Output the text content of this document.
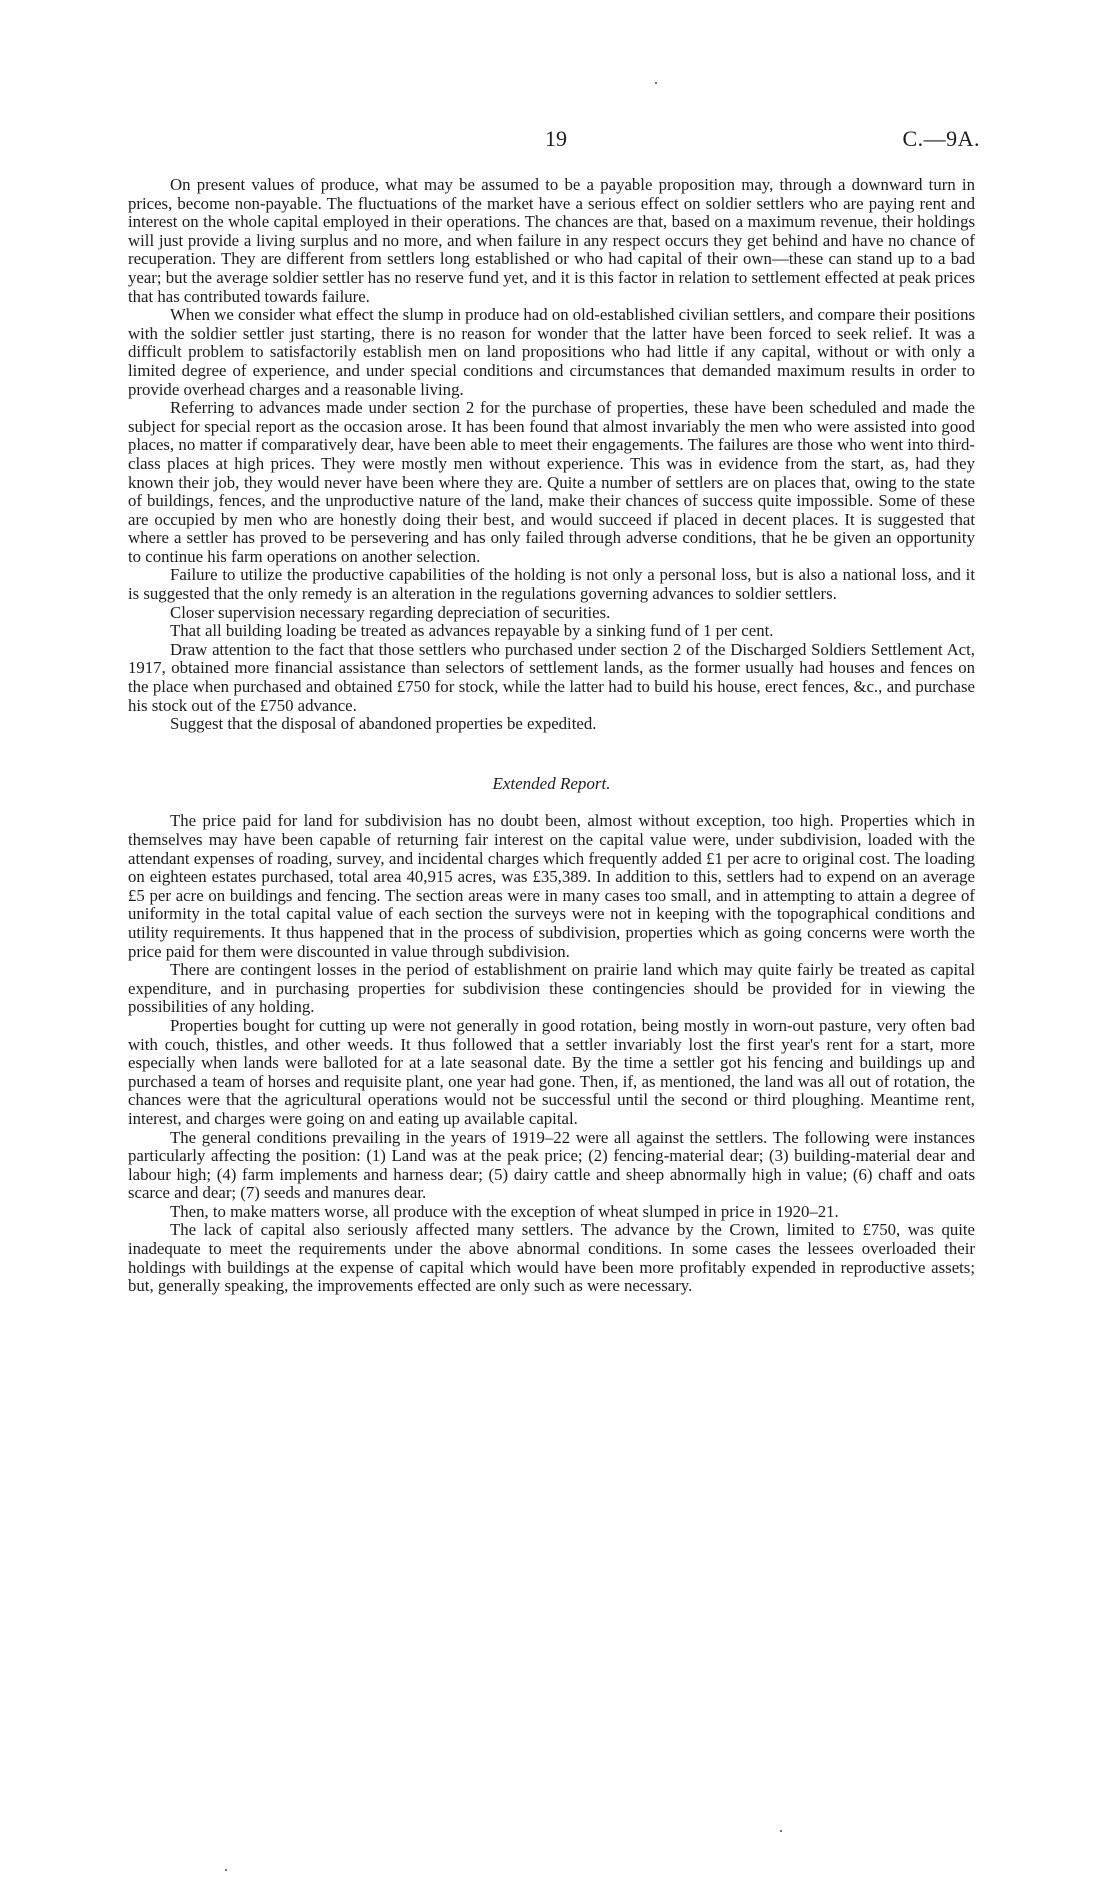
19	C.—9A.

On present values of produce, what may be assumed to be a payable proposition may, through a downward turn in prices, become non-payable. The fluctuations of the market have a serious effect on soldier settlers who are paying rent and interest on the whole capital employed in their operations. The chances are that, based on a maximum revenue, their holdings will just provide a living surplus and no more, and when failure in any respect occurs they get behind and have no chance of recuperation. They are different from settlers long established or who had capital of their own—these can stand up to a bad year; but the average soldier settler has no reserve fund yet, and it is this factor in relation to settlement effected at peak prices that has contributed towards failure.

When we consider what effect the slump in produce had on old-established civilian settlers, and compare their positions with the soldier settler just starting, there is no reason for wonder that the latter have been forced to seek relief. It was a difficult problem to satisfactorily establish men on land propositions who had little if any capital, without or with only a limited degree of experience, and under special conditions and circumstances that demanded maximum results in order to provide overhead charges and a reasonable living.

Referring to advances made under section 2 for the purchase of properties, these have been scheduled and made the subject for special report as the occasion arose. It has been found that almost invariably the men who were assisted into good places, no matter if comparatively dear, have been able to meet their engagements. The failures are those who went into third-class places at high prices. They were mostly men without experience. This was in evidence from the start, as, had they known their job, they would never have been where they are. Quite a number of settlers are on places that, owing to the state of buildings, fences, and the unproductive nature of the land, make their chances of success quite impossible. Some of these are occupied by men who are honestly doing their best, and would succeed if placed in decent places. It is suggested that where a settler has proved to be persevering and has only failed through adverse conditions, that he be given an opportunity to continue his farm operations on another selection.

Failure to utilize the productive capabilities of the holding is not only a personal loss, but is also a national loss, and it is suggested that the only remedy is an alteration in the regulations governing advances to soldier settlers.

Closer supervision necessary regarding depreciation of securities.

That all building loading be treated as advances repayable by a sinking fund of 1 per cent.

Draw attention to the fact that those settlers who purchased under section 2 of the Discharged Soldiers Settlement Act, 1917, obtained more financial assistance than selectors of settlement lands, as the former usually had houses and fences on the place when purchased and obtained £750 for stock, while the latter had to build his house, erect fences, &c., and purchase his stock out of the £750 advance.

Suggest that the disposal of abandoned properties be expedited.

Extended Report.

The price paid for land for subdivision has no doubt been, almost without exception, too high. Properties which in themselves may have been capable of returning fair interest on the capital value were, under subdivision, loaded with the attendant expenses of roading, survey, and incidental charges which frequently added £1 per acre to original cost. The loading on eighteen estates purchased, total area 40,915 acres, was £35,389. In addition to this, settlers had to expend on an average £5 per acre on buildings and fencing. The section areas were in many cases too small, and in attempting to attain a degree of uniformity in the total capital value of each section the surveys were not in keeping with the topographical conditions and utility requirements. It thus happened that in the process of subdivision, properties which as going concerns were worth the price paid for them were discounted in value through subdivision.

There are contingent losses in the period of establishment on prairie land which may quite fairly be treated as capital expenditure, and in purchasing properties for subdivision these contingencies should be provided for in viewing the possibilities of any holding.

Properties bought for cutting up were not generally in good rotation, being mostly in worn-out pasture, very often bad with couch, thistles, and other weeds. It thus followed that a settler invariably lost the first year's rent for a start, more especially when lands were balloted for at a late seasonal date. By the time a settler got his fencing and buildings up and purchased a team of horses and requisite plant, one year had gone. Then, if, as mentioned, the land was all out of rotation, the chances were that the agricultural operations would not be successful until the second or third ploughing. Meantime rent, interest, and charges were going on and eating up available capital.

The general conditions prevailing in the years of 1919–22 were all against the settlers. The following were instances particularly affecting the position: (1) Land was at the peak price; (2) fencing-material dear; (3) building-material dear and labour high; (4) farm implements and harness dear; (5) dairy cattle and sheep abnormally high in value; (6) chaff and oats scarce and dear; (7) seeds and manures dear.

Then, to make matters worse, all produce with the exception of wheat slumped in price in 1920–21.

The lack of capital also seriously affected many settlers. The advance by the Crown, limited to £750, was quite inadequate to meet the requirements under the above abnormal conditions. In some cases the lessees overloaded their holdings with buildings at the expense of capital which would have been more profitably expended in reproductive assets; but, generally speaking, the improvements effected are only such as were necessary.
